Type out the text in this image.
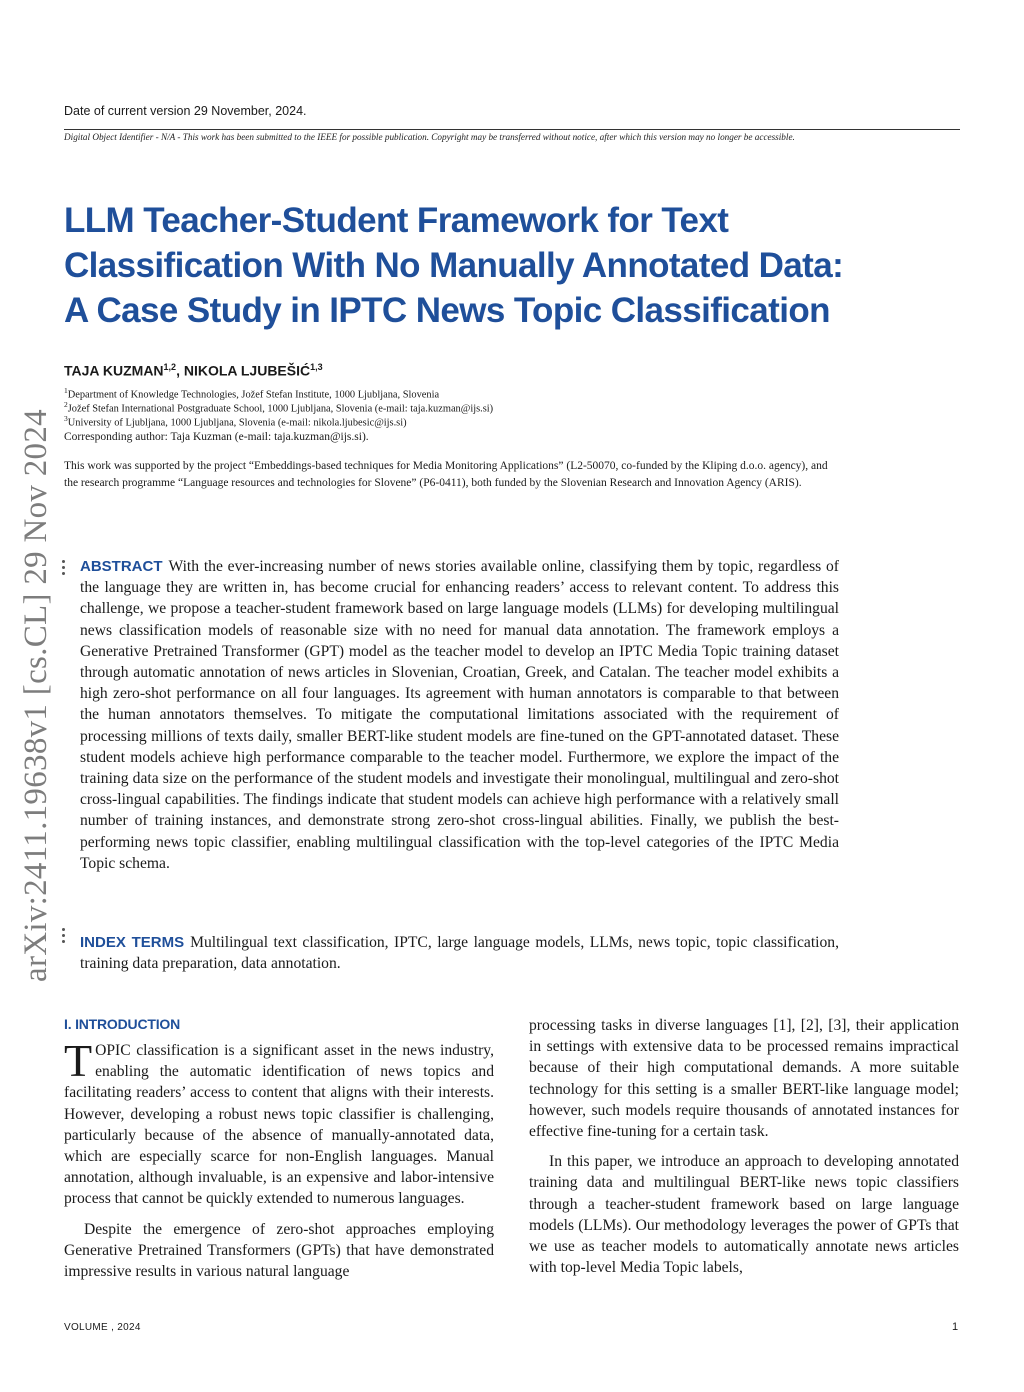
Date of current version 29 November, 2024.
Digital Object Identifier - N/A - This work has been submitted to the IEEE for possible publication. Copyright may be transferred without notice, after which this version may no longer be accessible.
LLM Teacher-Student Framework for Text
Classification With No Manually Annotated Data:
A Case Study in IPTC News Topic Classification
arXiv:2411.19638v1 [cs.CL] 29 Nov 2024
TAJA KUZMAN$^{1,2}$, NIKOLA LJUBEŠIĆ$^{1,3}$
$^1$Department of Knowledge Technologies, Jožef Stefan Institute, 1000 Ljubljana, Slovenia
$^2$Jožef Stefan International Postgraduate School, 1000 Ljubljana, Slovenia (e-mail: taja.kuzman@ijs.si)
$^3$University of Ljubljana, 1000 Ljubljana, Slovenia (e-mail: nikola.ljubesic@ijs.si)
Corresponding author: Taja Kuzman (e-mail: taja.kuzman@ijs.si).
This work was supported by the project “Embeddings-based techniques for Media Monitoring Applications” (L2-50070, co-funded by the Kliping d.o.o. agency), and the research programme “Language resources and technologies for Slovene” (P6-0411), both funded by the Slovenian Research and Innovation Agency (ARIS).
ABSTRACT With the ever-increasing number of news stories available online, classifying them by topic, regardless of the language they are written in, has become crucial for enhancing readers’ access to relevant content. To address this challenge, we propose a teacher-student framework based on large language models (LLMs) for developing multilingual news classification models of reasonable size with no need for manual data annotation. The framework employs a Generative Pretrained Transformer (GPT) model as the teacher model to develop an IPTC Media Topic training dataset through automatic annotation of news articles in Slovenian, Croatian, Greek, and Catalan. The teacher model exhibits a high zero-shot performance on all four languages. Its agreement with human annotators is comparable to that between the human annotators themselves. To mitigate the computational limitations associated with the requirement of processing millions of texts daily, smaller BERT-like student models are fine-tuned on the GPT-annotated dataset. These student models achieve high performance comparable to the teacher model. Furthermore, we explore the impact of the training data size on the performance of the student models and investigate their monolingual, multilingual and zero-shot cross-lingual capabilities. The findings indicate that student models can achieve high performance with a relatively small number of training instances, and demonstrate strong zero-shot cross-lingual abilities. Finally, we publish the best-performing news topic classifier, enabling multilingual classification with the top-level categories of the IPTC Media Topic schema.
INDEX TERMS Multilingual text classification, IPTC, large language models, LLMs, news topic, topic classification, training data preparation, data annotation.
I. INTRODUCTION

TOPIC classification is a significant asset in the news industry, enabling the automatic identification of news topics and facilitating readers’ access to content that aligns with their interests. However, developing a robust news topic classifier is challenging, particularly because of the absence of manually-annotated data, which are especially scarce for non-English languages. Manual annotation, although invaluable, is an expensive and labor-intensive process that cannot be quickly extended to numerous languages.

Despite the emergence of zero-shot approaches employing Generative Pretrained Transformers (GPTs) that have demonstrated impressive results in various natural language

processing tasks in diverse languages [1], [2], [3], their application in settings with extensive data to be processed remains impractical because of their high computational demands. A more suitable technology for this setting is a smaller BERT-like language model; however, such models require thousands of annotated instances for effective fine-tuning for a certain task.

In this paper, we introduce an approach to developing annotated training data and multilingual BERT-like news topic classifiers through a teacher-student framework based on large language models (LLMs). Our methodology leverages the power of GPTs that we use as teacher models to automatically annotate news articles with top-level Media Topic labels,

VOLUME , 2024	1
